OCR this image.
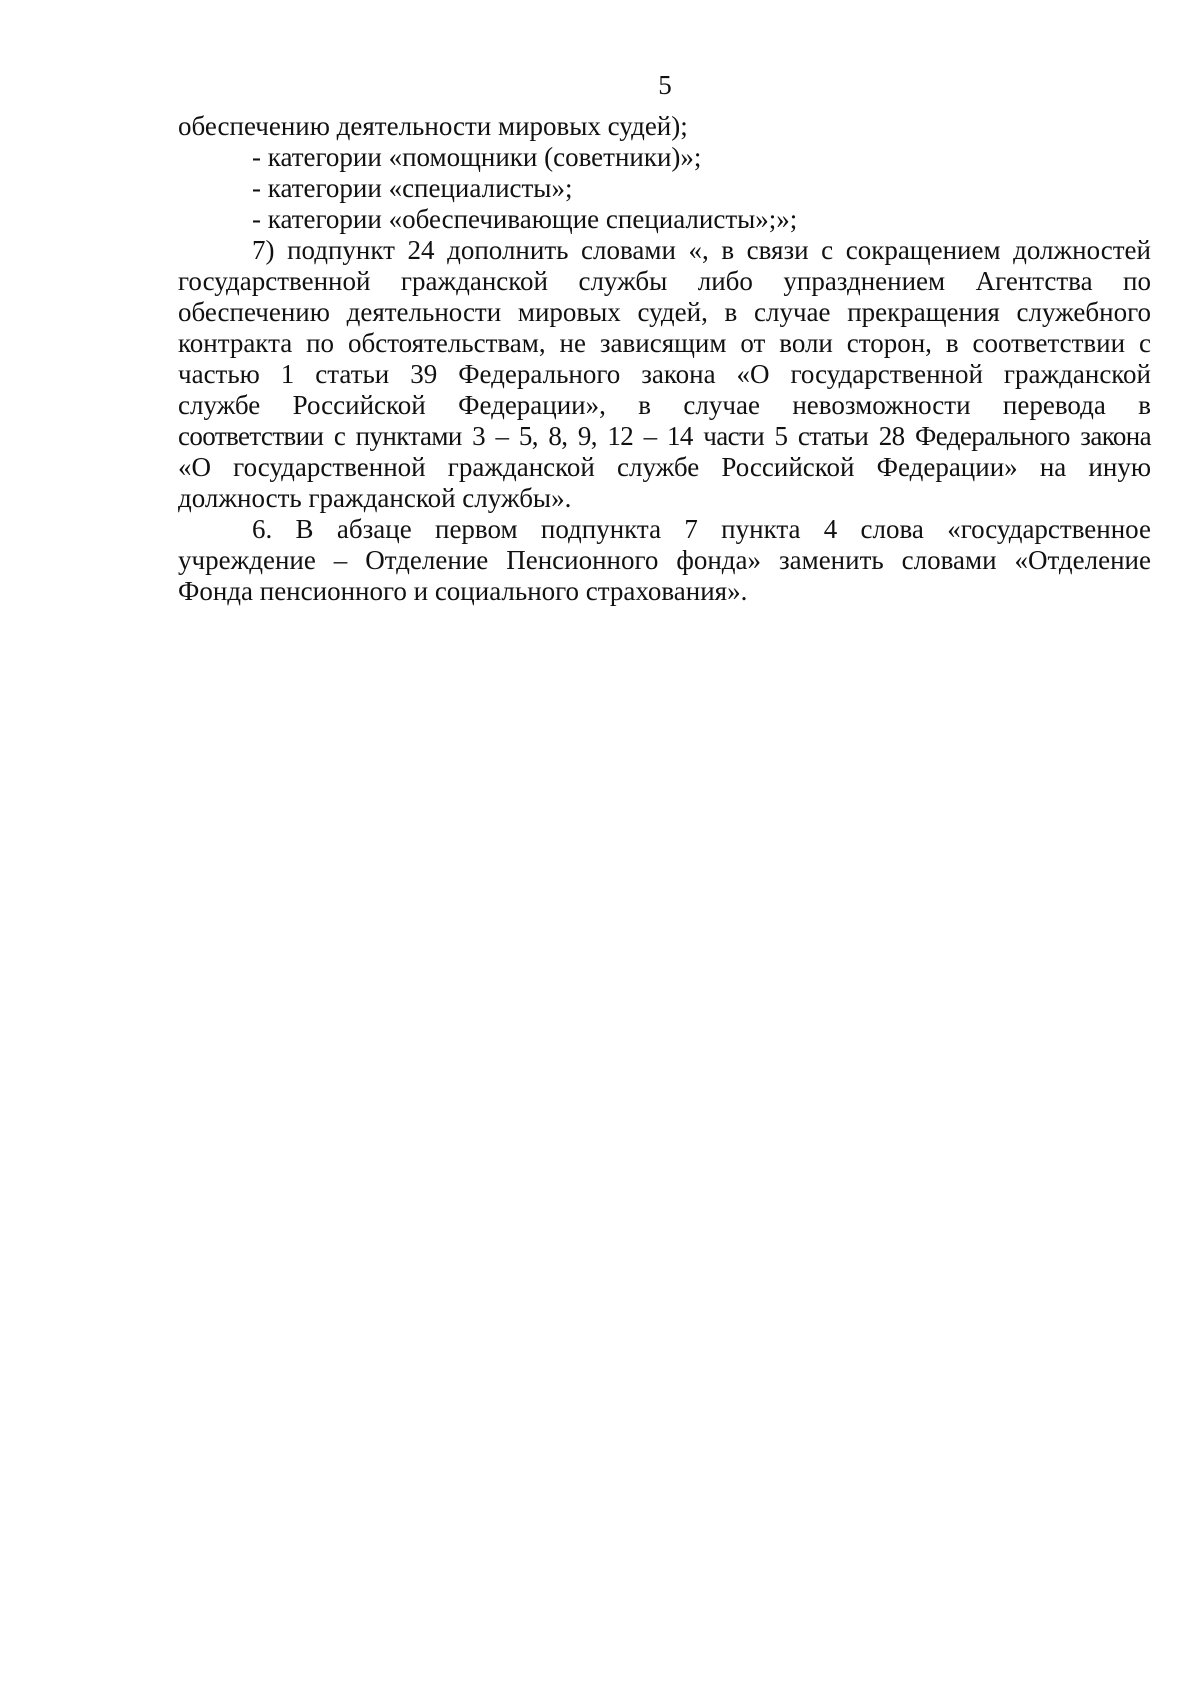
5
обеспечению деятельности мировых судей);
- категории «помощники (советники)»;
- категории «специалисты»;
- категории «обеспечивающие специалисты»;»;
7) подпункт 24 дополнить словами «, в связи с сокращением должностей
государственной гражданской службы либо упразднением Агентства по
обеспечению деятельности мировых судей, в случае прекращения служебного
контракта по обстоятельствам, не зависящим от воли сторон, в соответствии с
частью 1 статьи 39 Федерального закона «О государственной гражданской
службе Российской Федерации», в случае невозможности перевода в
соответствии с пунктами 3 – 5, 8, 9, 12 – 14 части 5 статьи 28 Федерального закона
«О государственной гражданской службе Российской Федерации» на иную
должность гражданской службы».
6. В абзаце первом подпункта 7 пункта 4 слова «государственное
учреждение – Отделение Пенсионного фонда» заменить словами «Отделение
Фонда пенсионного и социального страхования».
